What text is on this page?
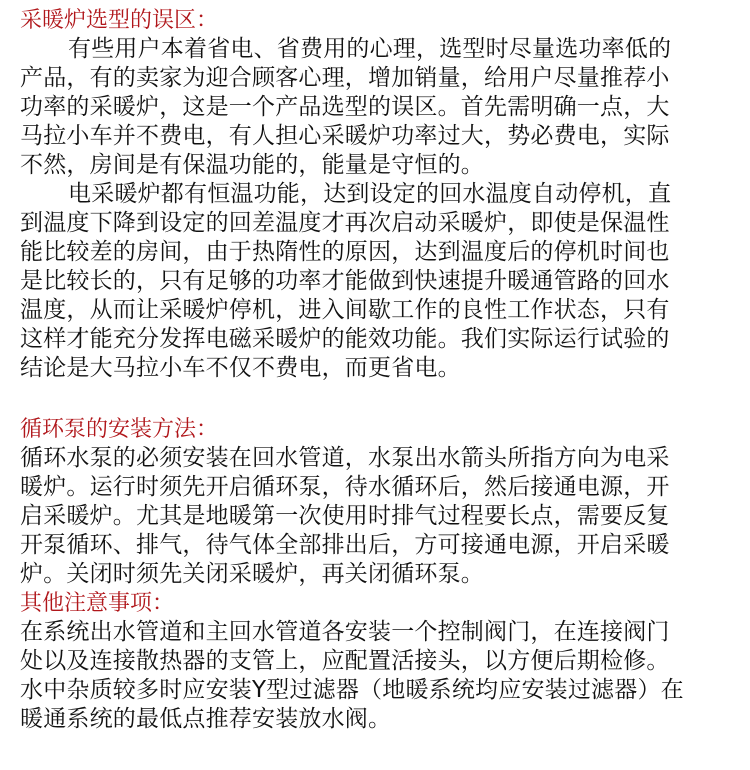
采暖炉选型的误区：
有些用户本着省电、省费用的心理，选型时尽量选功率低的
产品，有的卖家为迎合顾客心理，增加销量，给用户尽量推荐小
功率的采暖炉，这是一个产品选型的误区。首先需明确一点，大
马拉小车并不费电，有人担心采暖炉功率过大，势必费电，实际
不然，房间是有保温功能的，能量是守恒的。
电采暖炉都有恒温功能，达到设定的回水温度自动停机，直
到温度下降到设定的回差温度才再次启动采暖炉，即使是保温性
能比较差的房间，由于热隋性的原因，达到温度后的停机时间也
是比较长的，只有足够的功率才能做到快速提升暖通管路的回水
温度，从而让采暖炉停机，进入间歇工作的良性工作状态，只有
这样才能充分发挥电磁采暖炉的能效功能。我们实际运行试验的
结论是大马拉小车不仅不费电，而更省电。
循环泵的安装方法：
循环水泵的必须安装在回水管道，水泵出水箭头所指方向为电采
暖炉。运行时须先开启循环泵，待水循环后，然后接通电源，开
启采暖炉。尤其是地暖第一次使用时排气过程要长点，需要反复
开泵循环、排气，待气体全部排出后，方可接通电源，开启采暖
炉。关闭时须先关闭采暖炉，再关闭循环泵。
其他注意事项：
在系统出水管道和主回水管道各安装一个控制阀门，在连接阀门
处以及连接散热器的支管上，应配置活接头，以方便后期检修。
水中杂质较多时应安装Y型过滤器（地暖系统均应安装过滤器）在
暖通系统的最低点推荐安装放水阀。
